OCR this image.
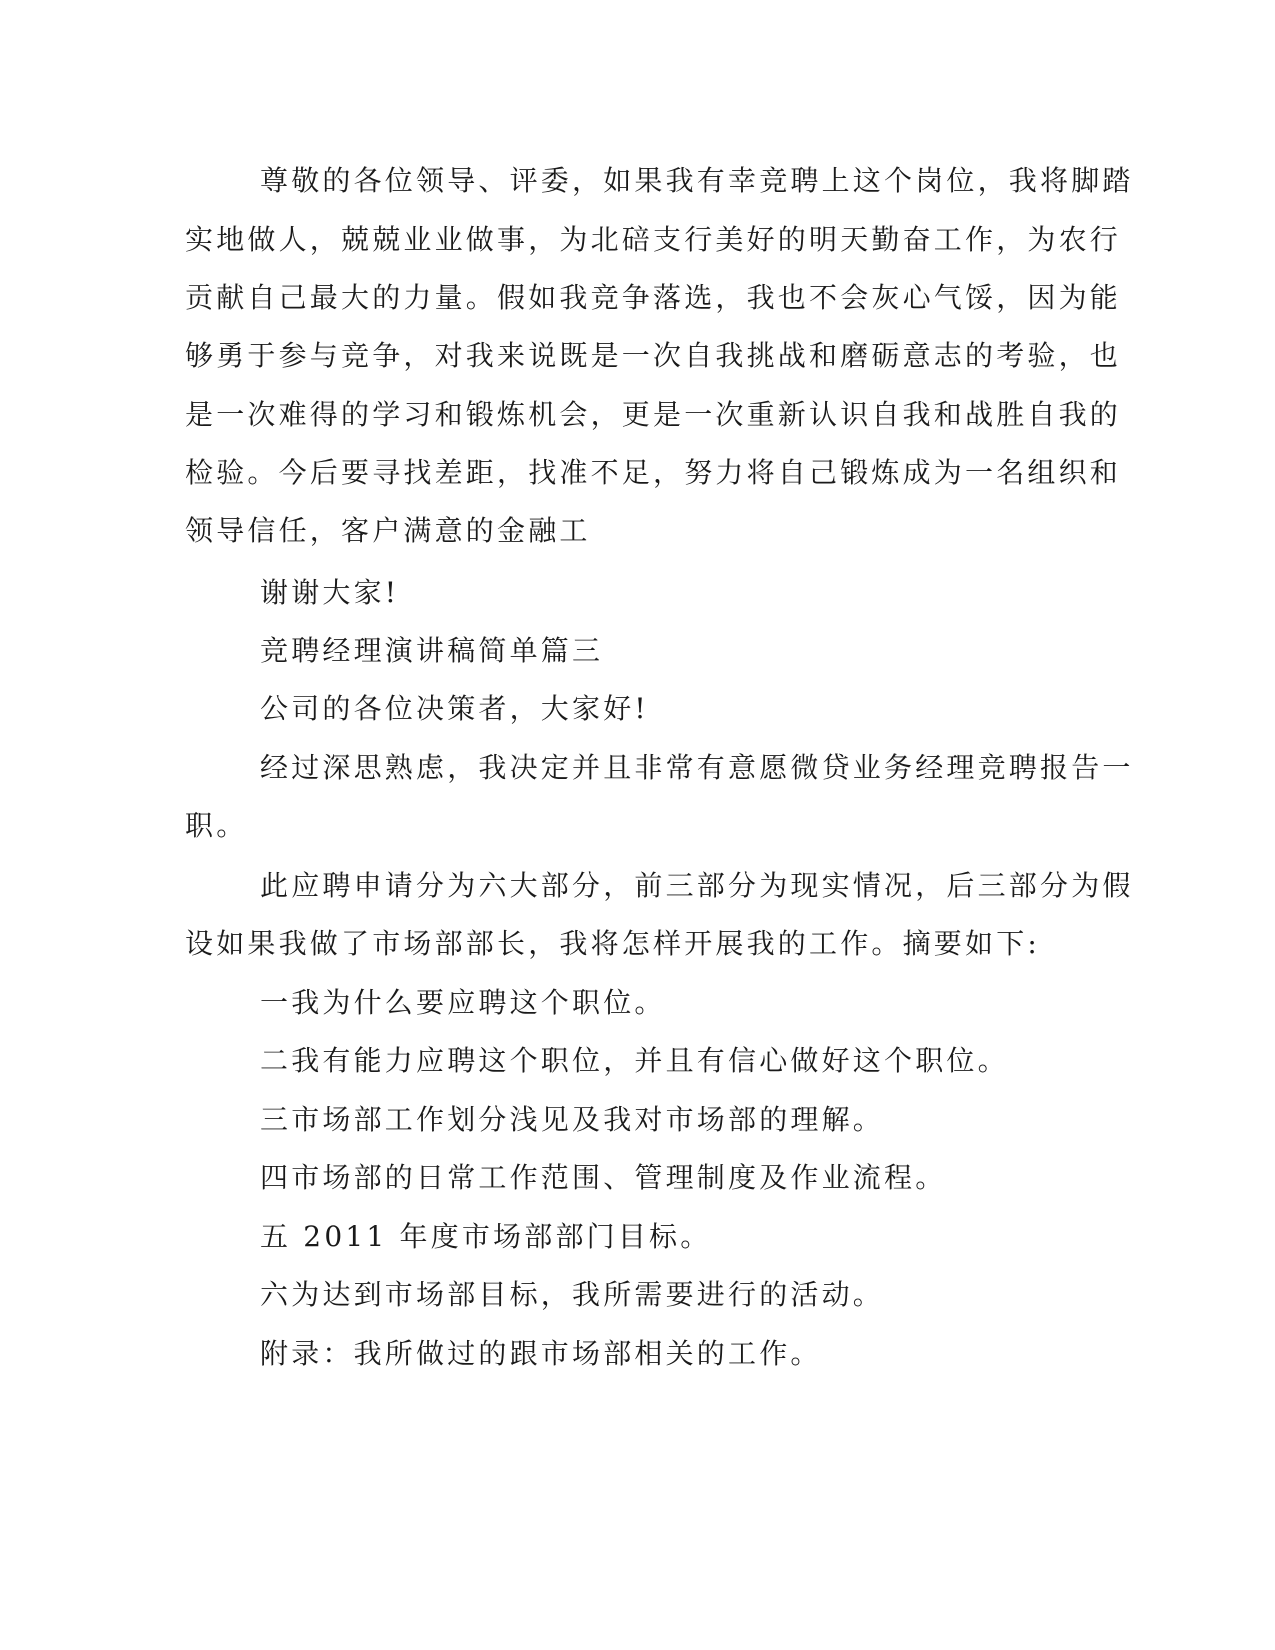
尊敬的各位领导、评委，如果我有幸竞聘上这个岗位，我将脚踏
实地做人，兢兢业业做事，为北碚支行美好的明天勤奋工作，为农行
贡献自己最大的力量。假如我竞争落选，我也不会灰心气馁，因为能
够勇于参与竞争，对我来说既是一次自我挑战和磨砺意志的考验，也
是一次难得的学习和锻炼机会，更是一次重新认识自我和战胜自我的
检验。今后要寻找差距，找准不足，努力将自己锻炼成为一名组织和
领导信任，客户满意的金融工
谢谢大家!
竞聘经理演讲稿简单篇三
公司的各位决策者，大家好!
经过深思熟虑，我决定并且非常有意愿微贷业务经理竞聘报告一
职。
此应聘申请分为六大部分，前三部分为现实情况，后三部分为假
设如果我做了市场部部长，我将怎样开展我的工作。摘要如下:
一我为什么要应聘这个职位。
二我有能力应聘这个职位，并且有信心做好这个职位。
三市场部工作划分浅见及我对市场部的理解。
四市场部的日常工作范围、管理制度及作业流程。
五 2011 年度市场部部门目标。
六为达到市场部目标，我所需要进行的活动。
附录：我所做过的跟市场部相关的工作。
